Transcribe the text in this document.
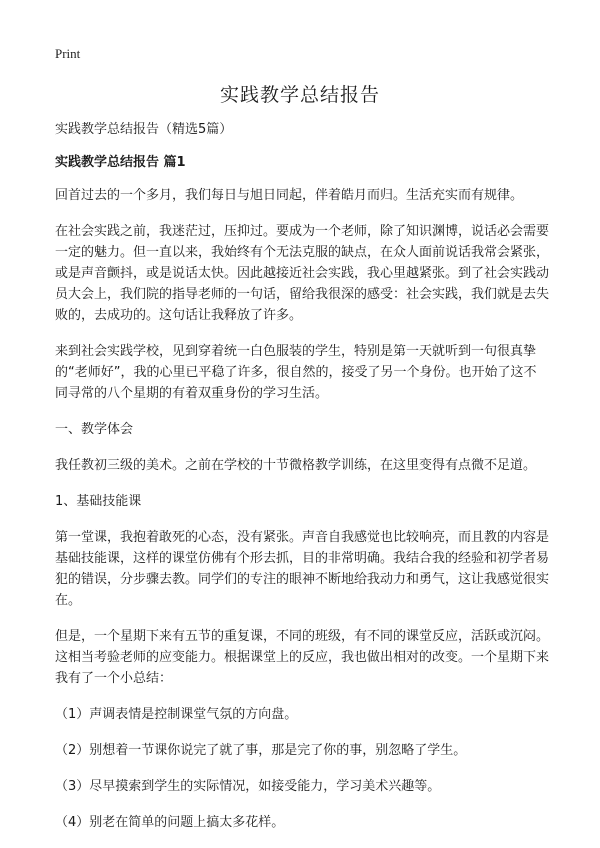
Print
实践教学总结报告

实践教学总结报告（精选5篇）

实践教学总结报告 篇1

回首过去的一个多月，我们每日与旭日同起，伴着皓月而归。生活充实而有规律。

在社会实践之前，我迷茫过，压抑过。要成为一个老师，除了知识渊博，说话必会需要一定的魅力。但一直以来，我始终有个无法克服的缺点，在众人面前说话我常会紧张，或是声音颤抖，或是说话太快。因此越接近社会实践，我心里越紧张。到了社会实践动员大会上，我们院的指导老师的一句话，留给我很深的感受：社会实践，我们就是去失败的，去成功的。这句话让我释放了许多。

来到社会实践学校，见到穿着统一白色服装的学生，特别是第一天就听到一句很真挚的“老师好”，我的心里已平稳了许多，很自然的，接受了另一个身份。也开始了这不同寻常的八个星期的有着双重身份的学习生活。

一、教学体会

我任教初三级的美术。之前在学校的十节微格教学训练，在这里变得有点微不足道。

1、基础技能课

第一堂课，我抱着敢死的心态，没有紧张。声音自我感觉也比较响亮，而且教的内容是基础技能课，这样的课堂仿佛有个形去抓，目的非常明确。我结合我的经验和初学者易犯的错误，分步骤去教。同学们的专注的眼神不断地给我动力和勇气，这让我感觉很实在。

但是，一个星期下来有五节的重复课，不同的班级，有不同的课堂反应，活跃或沉闷。这相当考验老师的应变能力。根据课堂上的反应，我也做出相对的改变。一个星期下来我有了一个小总结：

（1）声调表情是控制课堂气氛的方向盘。

（2）别想着一节课你说完了就了事，那是完了你的事，别忽略了学生。

（3）尽早摸索到学生的实际情况，如接受能力，学习美术兴趣等。

（4）别老在简单的问题上搞太多花样。
